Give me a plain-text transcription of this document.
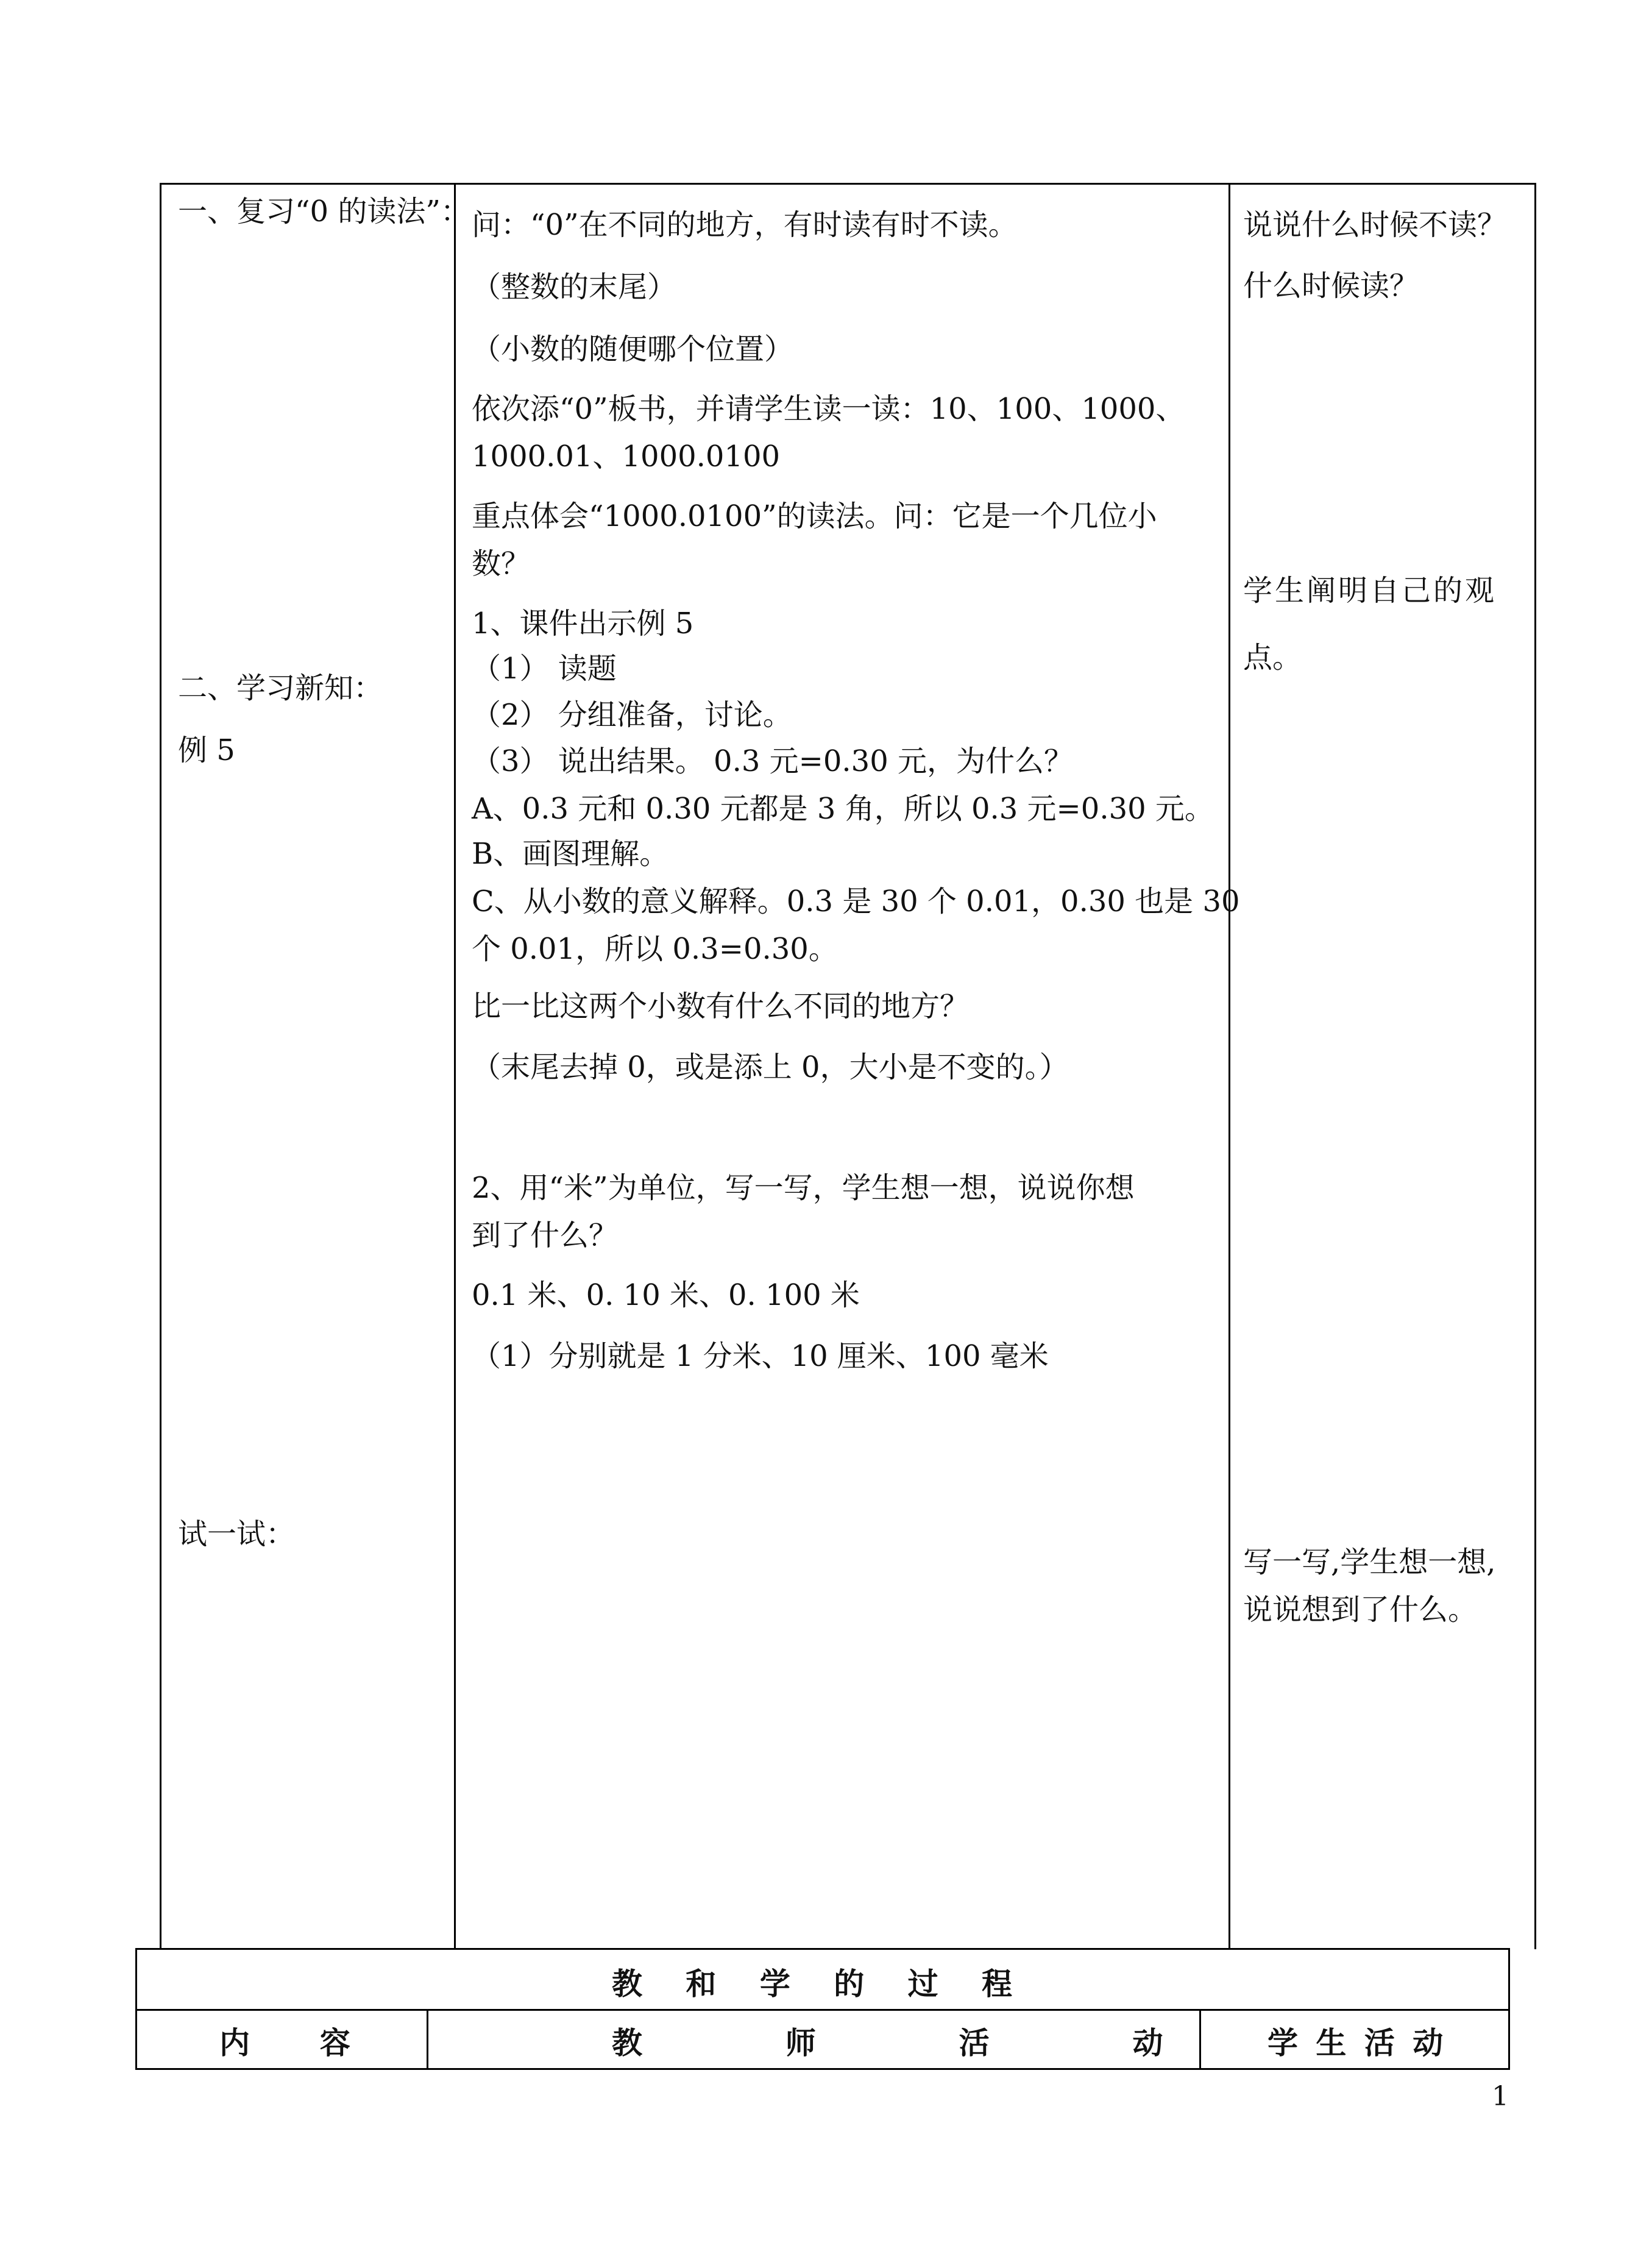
一、复习“0 的读法”：
二、学习新知：
例 5
试一试：
问：“0”在不同的地方，有时读有时不读。
（整数的末尾）
（小数的随便哪个位置）
依次添“0”板书，并请学生读一读：10、100、1000、
1000.01、1000.0100
重点体会“1000.0100”的读法。问：它是一个几位小
数？
1、课件出示例 5
（1） 读题
（2） 分组准备，讨论。
（3） 说出结果。 0.3 元=0.30 元，为什么？
A、0.3 元和 0.30 元都是 3 角，所以 0.3 元=0.30 元。
B、画图理解。
C、从小数的意义解释。0.3 是 30 个 0.01，0.30 也是 30
个 0.01，所以 0.3=0.30。
比一比这两个小数有什么不同的地方？
（末尾去掉 0，或是添上 0，大小是不变的。）
2、用“米”为单位，写一写，学生想一想，说说你想
到了什么？
0.1 米、0. 10 米、0. 100 米
（1）分别就是 1 分米、10 厘米、100 毫米
说说什么时候不读？
什么时候读？
学生阐明自己的观
点。
写一写,学生想一想,
说说想到了什么。
教 和 学 的 过 程
内  容	教  师  活  动	学 生 活 动
1
